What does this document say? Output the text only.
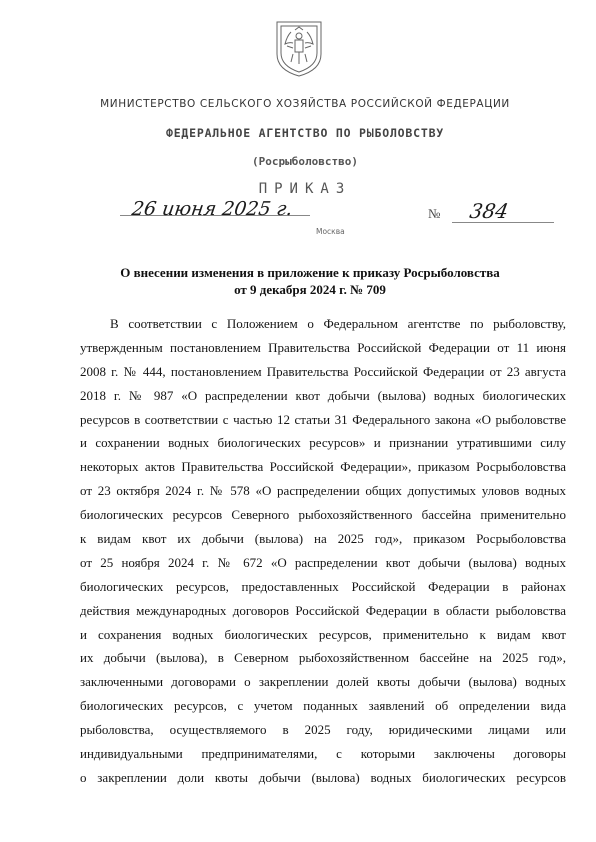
МИНИСТЕРСТВО СЕЛЬСКОГО ХОЗЯЙСТВА РОССИЙСКОЙ ФЕДЕРАЦИИ
ФЕДЕРАЛЬНОЕ АГЕНТСТВО ПО РЫБОЛОВСТВУ
(Росрыболовство)
ПРИКАЗ
26 июня 2025 г.	№ 384
Москва
О внесении изменения в приложение к приказу Росрыболовства
от 9 декабря 2024 г. № 709
В соответствии с Положением о Федеральном агентстве по рыболовству,
утвержденным постановлением Правительства Российской Федерации от 11 июня
2008 г. № 444, постановлением Правительства Российской Федерации от 23 августа
2018 г. № 987 «О распределении квот добычи (вылова) водных биологических
ресурсов в соответствии с частью 12 статьи 31 Федерального закона «О рыболовстве
и сохранении водных биологических ресурсов» и признании утратившими силу
некоторых актов Правительства Российской Федерации», приказом Росрыболовства
от 23 октября 2024 г. № 578 «О распределении общих допустимых уловов водных
биологических ресурсов Северного рыбохозяйственного бассейна применительно
к видам квот их добычи (вылова) на 2025 год», приказом Росрыболовства
от 25 ноября 2024 г. № 672 «О распределении квот добычи (вылова) водных
биологических ресурсов, предоставленных Российской Федерации в районах
действия международных договоров Российской Федерации в области рыболовства
и сохранения водных биологических ресурсов, применительно к видам квот
их добычи (вылова), в Северном рыбохозяйственном бассейне на 2025 год»,
заключенными договорами о закреплении долей квоты добычи (вылова) водных
биологических ресурсов, с учетом поданных заявлений об определении вида
рыболовства, осуществляемого в 2025 году, юридическими лицами или
индивидуальными предпринимателями, с которыми заключены договоры
о закреплении доли квоты добычи (вылова) водных биологических ресурсов
